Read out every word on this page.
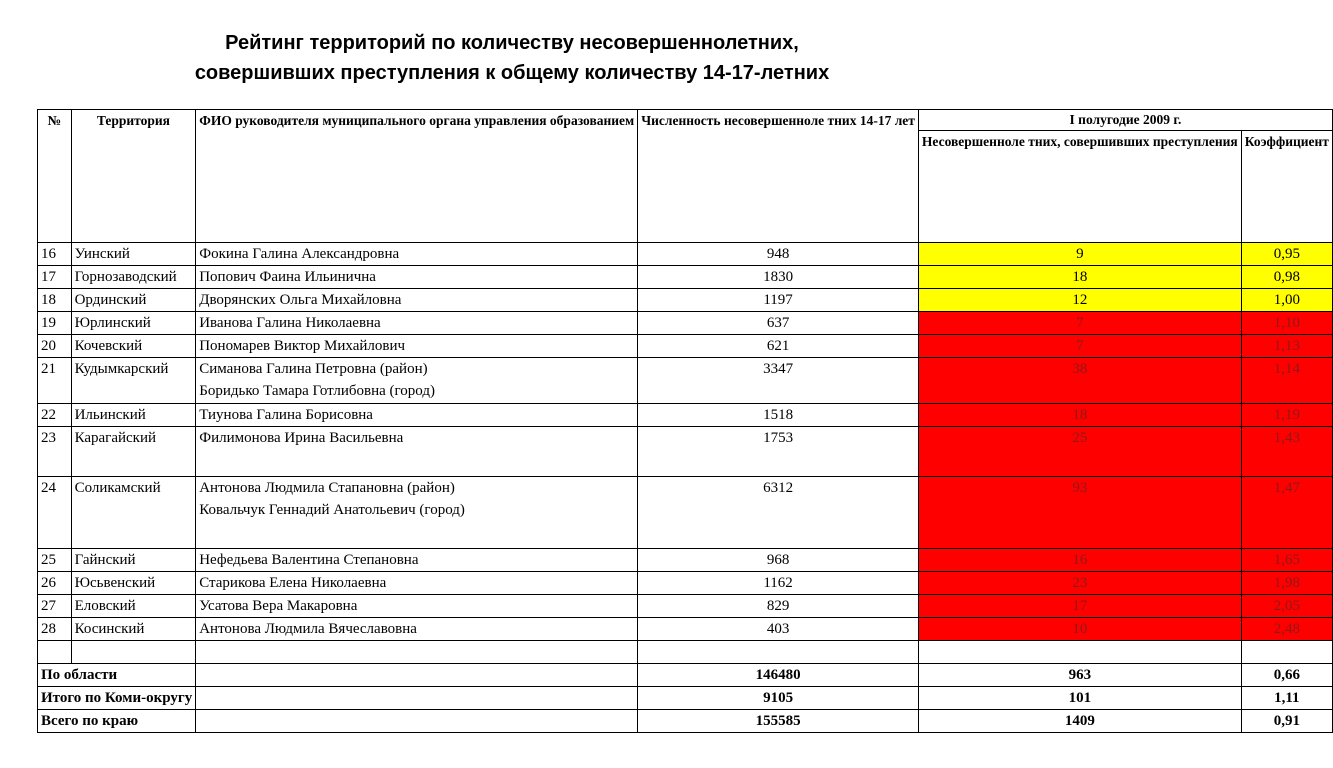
Рейтинг территорий по количеству несовершеннолетних,
совершивших преступления к общему количеству 14-17-летних
№	Территория	ФИО руководителя муниципального органа управления образованием	Численность несовершенноле тних 14-17 лет	I полугодие 2009 г.	
				Несовершенноле тних, совершивших преступления	Коэффициент
16	Уинский	Фокина Галина Александровна	948	9	0,95
17	Горнозаводский	Попович Фаина Ильинична	1830	18	0,98
18	Ординский	Дворянских Ольга Михайловна	1197	12	1,00
19	Юрлинский	Иванова Галина Николаевна	637	7	1,10
20	Кочевский	Пономарев Виктор Михайлович	621	7	1,13
21	Кудымкарский	Симанова Галина Петровна (район)
Боридько Тамара Готлибовна (город)	3347	38	1,14
22	Ильинский	Тиунова Галина Борисовна	1518	18	1,19
23	Карагайский	Филимонова Ирина Васильевна	1753	25	1,43
24	Соликамский	Антонова Людмила Стапановна (район)
Ковальчук Геннадий Анатольевич (город)	6312	93	1,47
25	Гайнский	Нефедьева Валентина Степановна	968	16	1,65
26	Юсьвенский	Старикова Елена Николаевна	1162	23	1,98
27	Еловский	Усатова Вера Макаровна	829	17	2,05
28	Косинский	Антонова Людмила Вячеславовна	403	10	2,48

По области			146480	963	0,66
Итого по Коми-округу			9105	101	1,11
Всего по краю			155585	1409	0,91
